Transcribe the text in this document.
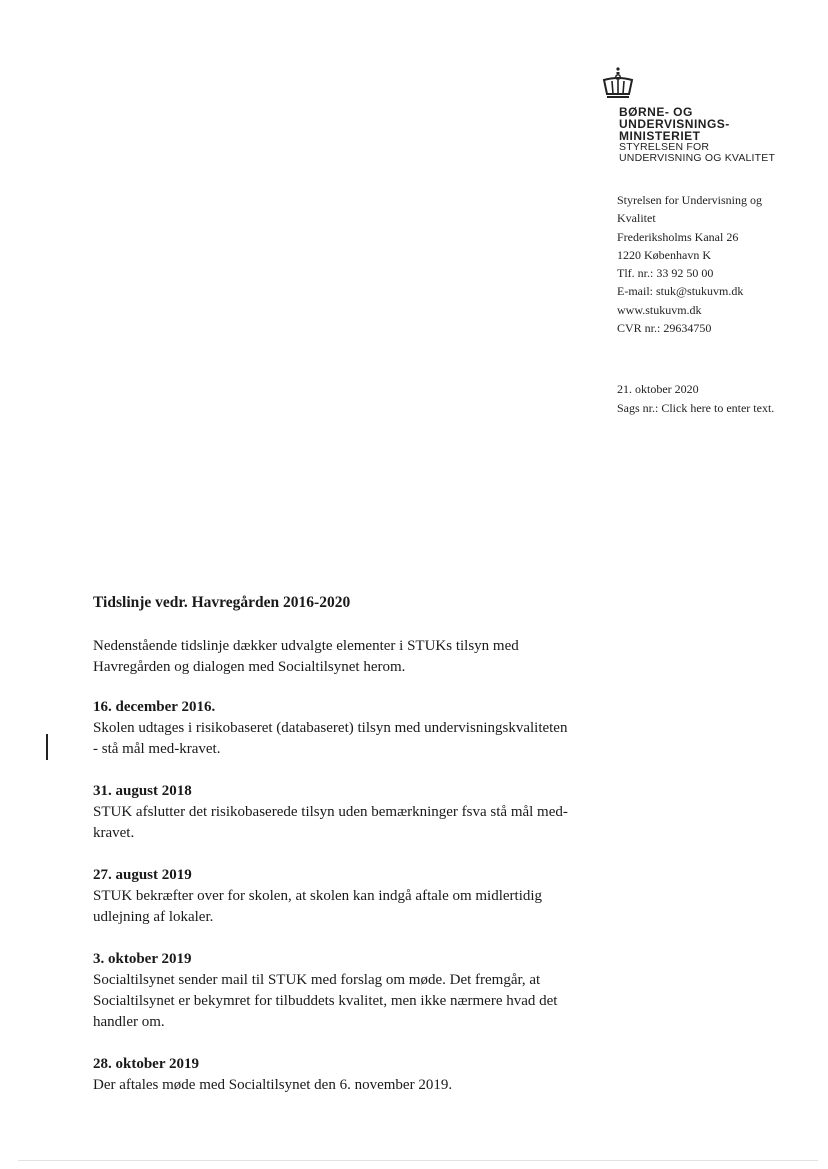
BØRNE- OG
UNDERVISNINGS-
MINISTERIET
STYRELSEN FOR
UNDERVISNING OG KVALITET
Styrelsen for Undervisning og Kvalitet
Frederiksholms Kanal 26
1220 København K
Tlf. nr.: 33 92 50 00
E-mail: stuk@stukuvm.dk
www.stukuvm.dk
CVR nr.: 29634750
21. oktober 2020
Sags nr.: Click here to enter text.
Tidslinje vedr. Havregården 2016-2020
Nedenstående tidslinje dækker udvalgte elementer i STUKs tilsyn med Havregården og dialogen med Socialtilsynet herom.
16. december 2016.
Skolen udtages i risikobaseret (databaseret) tilsyn med undervisningskvaliteten - stå mål med-kravet.
31. august 2018
STUK afslutter det risikobaserede tilsyn uden bemærkninger fsva stå mål med-kravet.
27. august 2019
STUK bekræfter over for skolen, at skolen kan indgå aftale om midlertidig udlejning af lokaler.
3. oktober 2019
Socialtilsynet sender mail til STUK med forslag om møde. Det fremgår, at Socialtilsynet er bekymret for tilbuddets kvalitet, men ikke nærmere hvad det handler om.
28. oktober 2019
Der aftales møde med Socialtilsynet den 6. november 2019.
